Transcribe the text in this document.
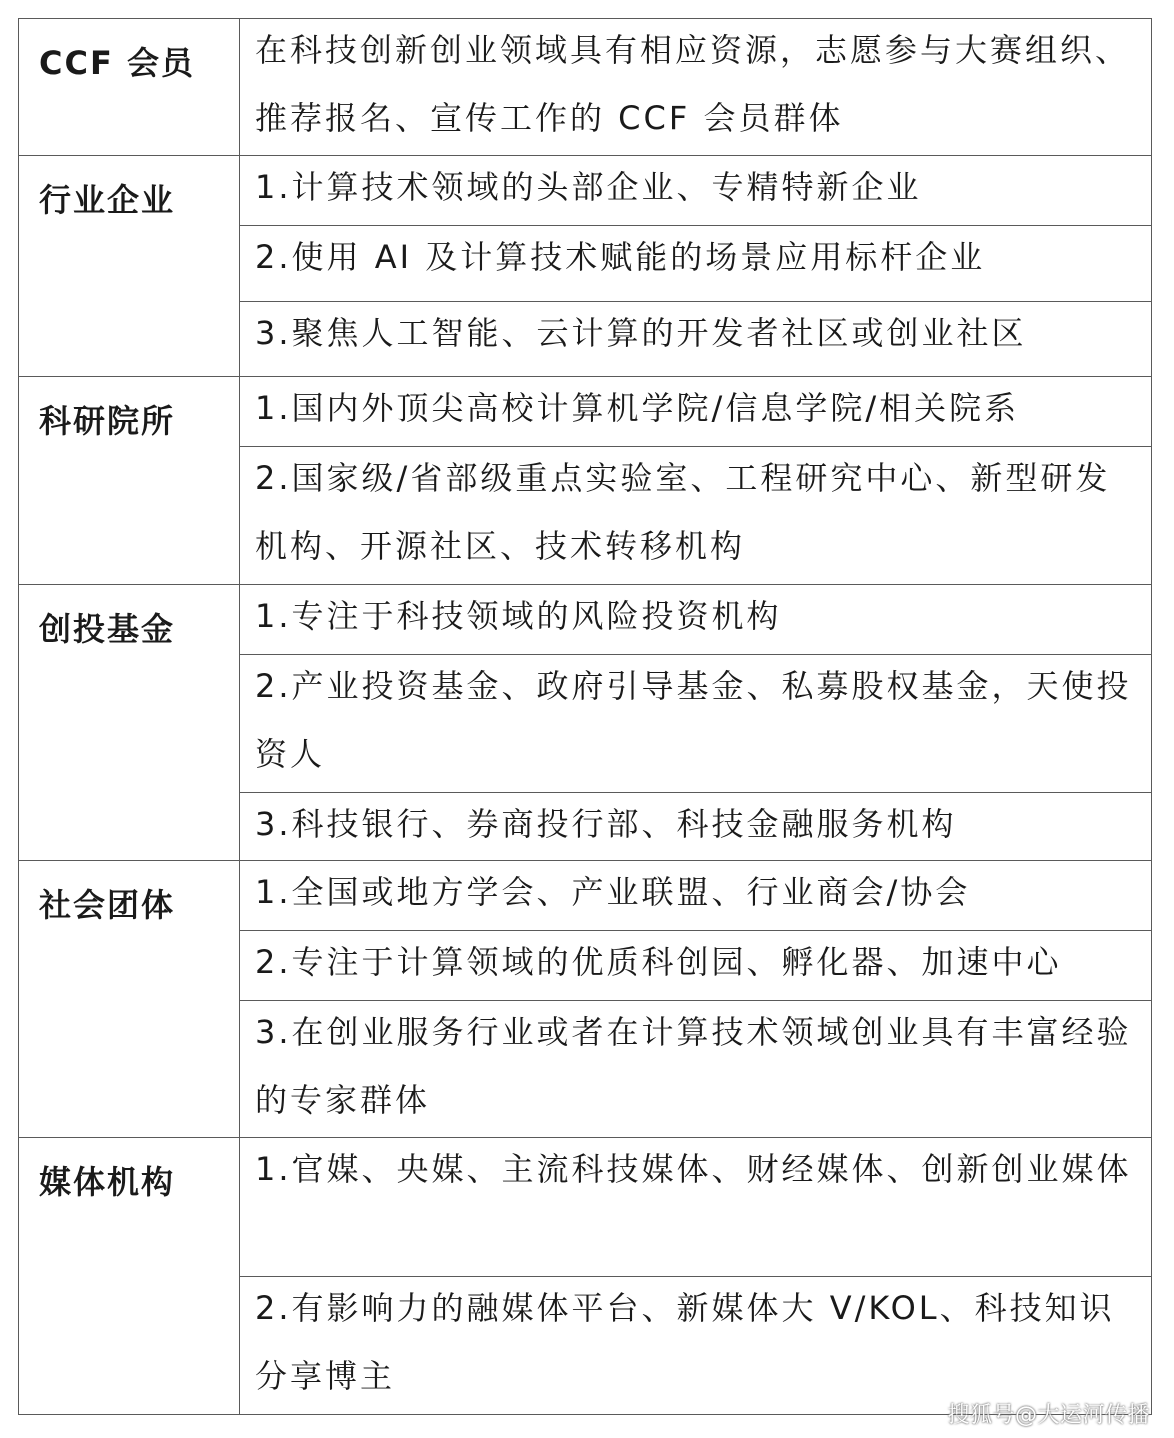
CCF 会员	在科技创新创业领域具有相应资源，志愿参与大赛组织、推荐报名、宣传工作的 CCF 会员群体

行业企业	1.计算技术领域的头部企业、专精特新企业

	2.使用 AI 及计算技术赋能的场景应用标杆企业

	3.聚焦人工智能、云计算的开发者社区或创业社区

科研院所	1.国内外顶尖高校计算机学院/信息学院/相关院系

	2.国家级/省部级重点实验室、工程研究中心、新型研发机构、开源社区、技术转移机构

创投基金	1.专注于科技领域的风险投资机构

	2.产业投资基金、政府引导基金、私募股权基金，天使投资人

	3.科技银行、券商投行部、科技金融服务机构

社会团体	1.全国或地方学会、产业联盟、行业商会/协会

	2.专注于计算领域的优质科创园、孵化器、加速中心

	3.在创业服务行业或者在计算技术领域创业具有丰富经验的专家群体

媒体机构	1.官媒、央媒、主流科技媒体、财经媒体、创新创业媒体

	2.有影响力的融媒体平台、新媒体大 V/KOL、科技知识分享博主
搜狐号@大运河传播
